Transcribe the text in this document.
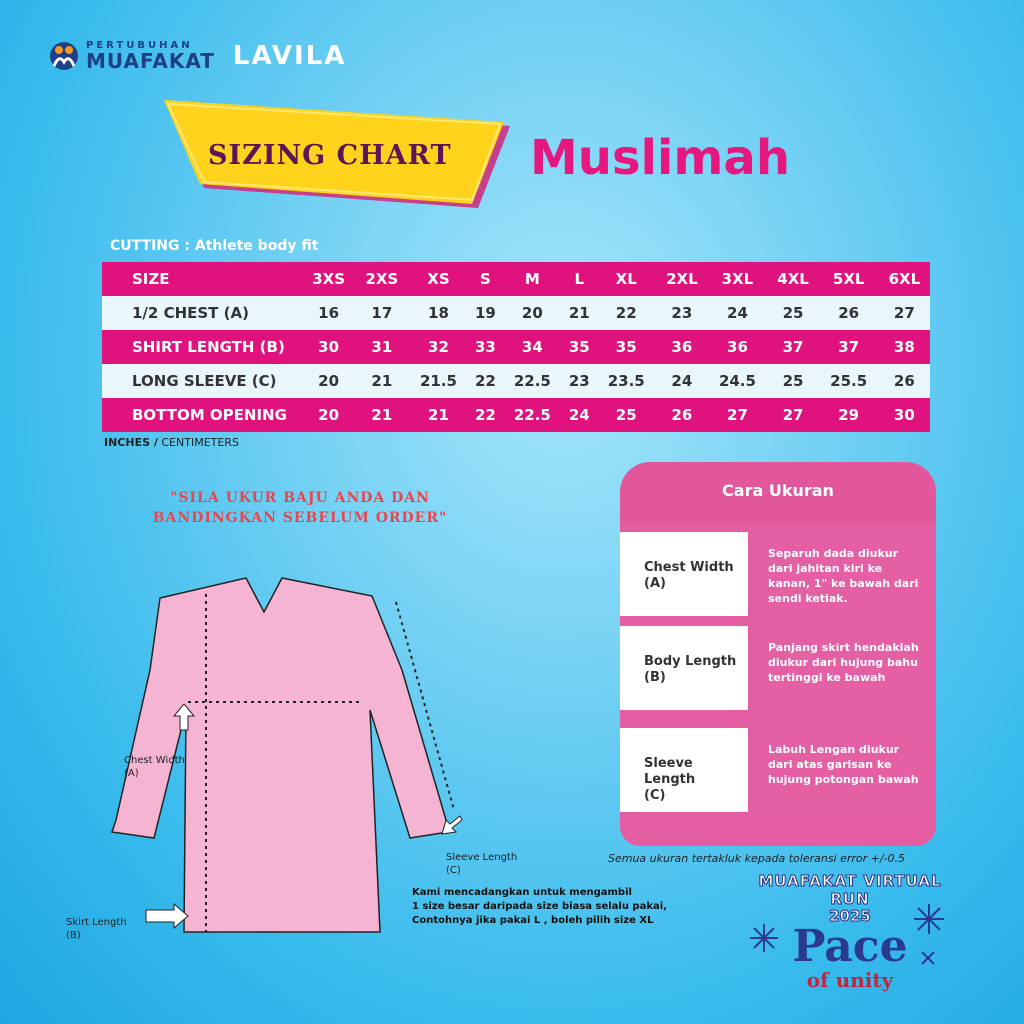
PERTUBUHAN
MUAFAKAT LAVILA
SIZING CHART Muslimah
CUTTING : Athlete body fit
SIZE	3XS	2XS	XS	S	M	L	XL	2XL	3XL	4XL	5XL	6XL
1/2 CHEST (A)	16	17	18	19	20	21	22	23	24	25	26	27
SHIRT LENGTH (B)	30	31	32	33	34	35	35	36	36	37	37	38
LONG SLEEVE (C)	20	21	21.5	22	22.5	23	23.5	24	24.5	25	25.5	26
BOTTOM OPENING	20	21	21	22	22.5	24	25	26	27	27	29	30
INCHES / CENTIMETERS
"SILA UKUR BAJU ANDA DAN
BANDINGKAN SEBELUM ORDER"
Chest Width
(A)
Sleeve Length
(C)
Skirt Length
(B)
Kami mencadangkan untuk mengambil
1 size besar daripada size biasa selalu pakai,
Contohnya jika pakai L , boleh pilih size XL
Cara Ukuran
Chest Width
(A)
Separuh dada diukur dari jahitan kiri ke kanan, 1" ke bawah dari sendi ketiak.
Body Length
(B)
Panjang skirt hendaklah diukur dari hujung bahu tertinggi ke bawah
Sleeve Length
(C)
Labuh Lengan diukur dari atas garisan ke hujung potongan bawah
Semua ukuran tertakluk kepada toleransi error +/-0.5
MUAFAKAT VIRTUAL RUN
2025
Pace
of unity
